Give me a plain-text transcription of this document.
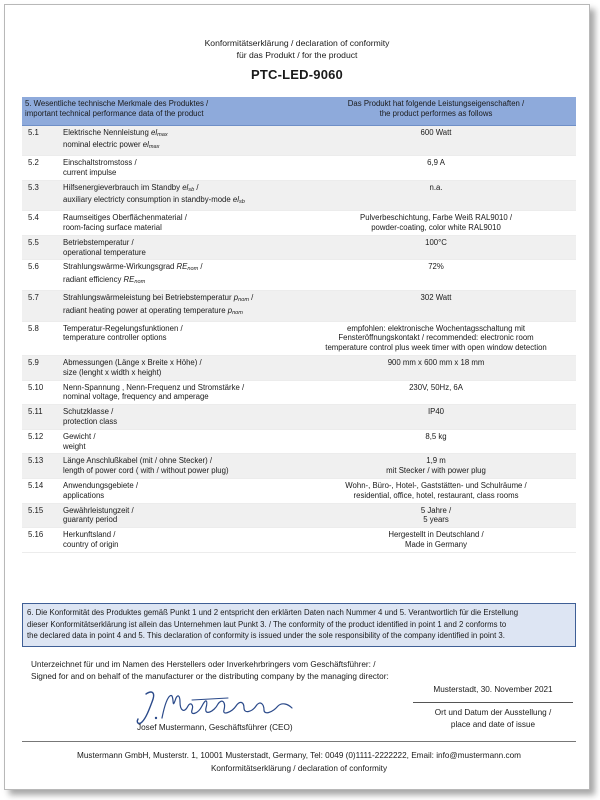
Konformitätserklärung / declaration of conformity
für das Produkt / for the product
PTC-LED-9060
5. Wesentliche technische Merkmale des Produktes /
important technical performance data of the product		Das Produkt hat folgende Leistungseigenschaften /
the product performes as follows

5.1	Elektrische Nennleistung $el_{max}$
nominal electric power $el_{max}$	600 Watt

5.2	Einschaltstromstoss /
current impulse	6,9 A

5.3	Hilfsenergieverbrauch im Standby $el_{sb}$ /
auxiliary electricty consumption in standby-mode $el_{sb}$	n.a.

5.4	Raumseitiges Oberflächenmaterial /
room-facing surface material	Pulverbeschichtung, Farbe Weiß RAL9010 /
powder-coating, color white RAL9010

5.5	Betriebstemperatur /
operational temperature	100°C

5.6	Strahlungswärme-Wirkungsgrad $RE_{nom}$ /
radiant efficiency $RE_{nom}$	72%

5.7	Strahlungswärmeleistung bei Betriebstemperatur $p_{nom}$ /
radiant heating power at operating temperature $p_{nom}$	302 Watt

5.8	Temperatur-Regelungsfunktionen /
temperature controller options	empfohlen: elektronische Wochentagsschaltung mit
Fensteröffnungskontakt / recommended: electronic room
temperature control plus week timer with open window detection

5.9	Abmessungen (Länge x Breite x Höhe) /
size (lenght x width x height)	900 mm x 600 mm x 18 mm

5.10	Nenn-Spannung , Nenn-Frequenz und Stromstärke /
nominal voltage, frequency and amperage	230V, 50Hz, 6A

5.11	Schutzklasse /
protection class	IP40

5.12	Gewicht /
weight	8,5 kg

5.13	Länge Anschlußkabel (mit / ohne Stecker) /
length of power cord ( with / without power plug)	1,9 m
mit Stecker / with power plug

5.14	Anwendungsgebiete /
applications	Wohn-, Büro-, Hotel-, Gaststätten- und Schulräume /
residential, office, hotel, restaurant, class rooms

5.15	Gewährleistungzeit /
guaranty period	5 Jahre /
5 years

5.16	Herkunftsland /
country of origin	Hergestellt in Deutschland /
Made in Germany
6. Die Konformität des Produktes gemäß Punkt 1 und 2 entspricht den erklärten Daten nach Nummer 4 und 5. Verantwortlich für die Erstellung
dieser Konformitätserklärung ist allein das Unternehmen laut Punkt 3. / The conformity of the product identified in point 1 and 2 conforms to
the declared data in point 4 and 5. This declaration of conformity is issued under the sole responsibility of the company identified in point 3.
Unterzeichnet für und im Namen des Herstellers oder Inverkehrbringers vom Geschäftsführer: /
Signed for and on behalf of the manufacturer or the distributing company by the managing director:
Josef Mustermann, Geschäftsführer (CEO)
Musterstadt, 30. November 2021
Ort und Datum der Ausstellung /
place and date of issue
Mustermann GmbH, Musterstr. 1, 10001 Musterstadt, Germany, Tel: 0049 (0)1111-2222222, Email: info@mustermann.com
Konformitätserklärung / declaration of conformity
